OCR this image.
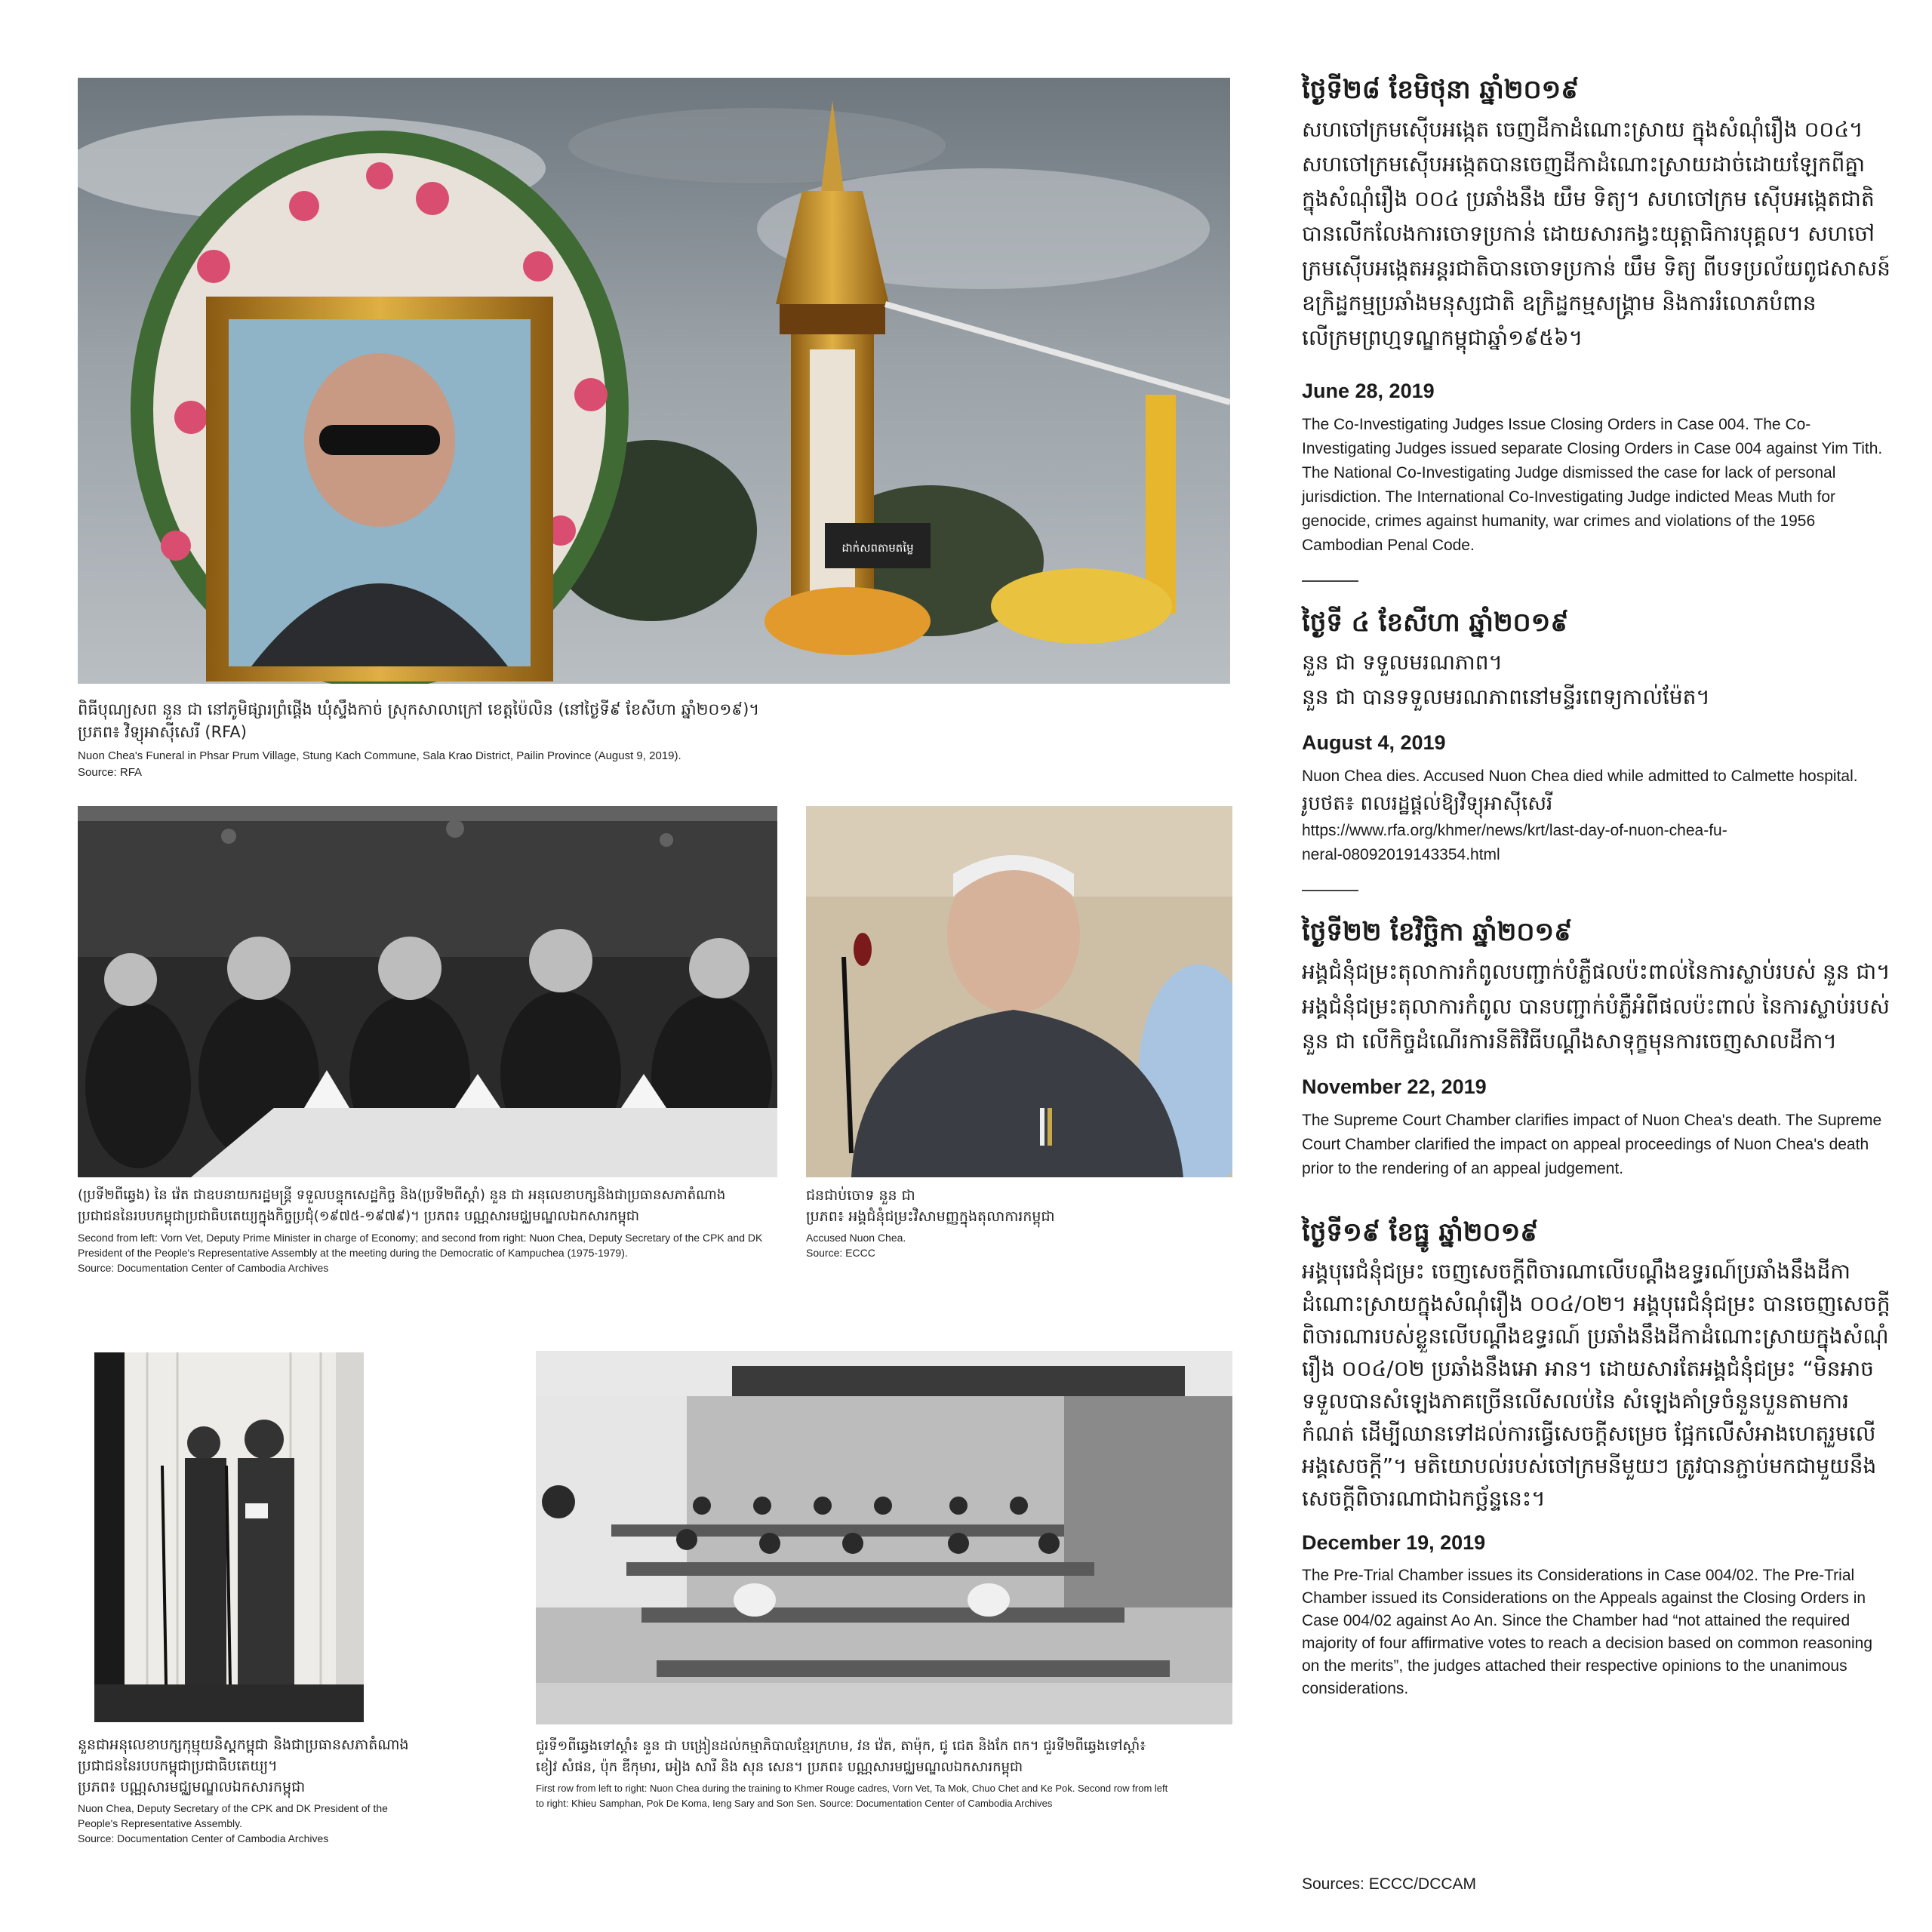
ដាក់សពតាមតម្លៃ
ពិធីបុណ្យសព នួន ជា នៅភូមិផ្សារព្រំផ្ដើង ឃុំស្ទឹងកាច់ ស្រុកសាលាក្រៅ ខេត្តប៉ៃលិន (នៅថ្ងៃទី៩ ខែសីហា ឆ្នាំ២០១៩)។
ប្រភព៖ វិទ្យុអាស៊ីសេរី (RFA)
Nuon Chea's Funeral in Phsar Prum Village, Stung Kach Commune, Sala Krao District, Pailin Province (August 9, 2019).
Source: RFA
(ប្រទី២ពីឆ្វេង) នៃ វ៉េត ជាឧបនាយករដ្ឋមន្ត្រី ទទួលបន្ទុកសេដ្ឋកិច្ច និង(ប្រទី២ពីស្ដាំ) នួន ជា អនុលេខាបក្សនិងជាប្រធានសភាតំណាង
ប្រជាជននៃរបបកម្ពុជាប្រជាធិបតេយ្យក្នុងកិច្ចប្រជុំ(១៩៧៥-១៩៧៩)។ ប្រភព៖ បណ្ណសារមជ្ឈមណ្ឌលឯកសារកម្ពុជា
Second from left: Vorn Vet, Deputy Prime Minister in charge of Economy; and second from right: Nuon Chea, Deputy Secretary of the CPK and DK
President of the People's Representative Assembly at the meeting during the Democratic of Kampuchea (1975-1979).
Source: Documentation Center of Cambodia Archives
ជនជាប់ចោទ នួន ជា
ប្រភព៖ អង្គជំនុំជម្រះវិសាមញ្ញក្នុងតុលាការកម្ពុជា
Accused Nuon Chea.
Source: ECCC
នួនជាអនុលេខាបក្សកុម្មុយនិស្តកម្ពុជា និងជាប្រធានសភាតំណាង
ប្រជាជននៃរបបកម្ពុជាប្រជាធិបតេយ្យ។
ប្រភព៖ បណ្ណសារមជ្ឈមណ្ឌលឯកសារកម្ពុជា
Nuon Chea, Deputy Secretary of the CPK and DK President of the
People's Representative Assembly.
Source: Documentation Center of Cambodia Archives
ជួរទី១ពីឆ្វេងទៅស្ដាំ៖ នួន ជា បង្រៀនដល់កម្មាភិបាលខ្មែរក្រហម, វន វ៉េត, តាម៉ុក, ជូ ជេត និងកែ ពក។ ជួរទី២ពីឆ្វេងទៅស្ដាំ៖
ខៀវ សំផន, ប៉ុក ឌីកុមារ, អៀង សារី និង សុន សេន។ ប្រភព៖ បណ្ណសារមជ្ឈមណ្ឌលឯកសារកម្ពុជា
First row from left to right: Nuon Chea during the training to Khmer Rouge cadres, Vorn Vet, Ta Mok, Chuo Chet and Ke Pok. Second row from left
to right: Khieu Samphan, Pok De Koma, Ieng Sary and Son Sen. Source: Documentation Center of Cambodia Archives
ថ្ងៃទី២៨ ខែមិថុនា ឆ្នាំ២០១៩
សហចៅក្រមស៊ើបអង្កេត ចេញដីកាដំណោះស្រាយ ក្នុងសំណុំរឿង ០០៤។ សហចៅក្រមស៊ើបអង្កេតបានចេញដីកាដំណោះស្រាយដាច់ដោយឡែកពីគ្នាក្នុងសំណុំរឿង ០០៤ ប្រឆាំងនឹង យឹម ទិត្យ។ សហចៅក្រម ស៊ើបអង្កេតជាតិ បានលើកលែងការចោទប្រកាន់ ដោយសារកង្វះយុត្តាធិការបុគ្គល។ សហចៅក្រមស៊ើបអង្កេតអន្តរជាតិបានចោទប្រកាន់ យឹម ទិត្យ ពីបទប្រល័យពូជសាសន៍ ឧក្រិដ្ឋកម្មប្រឆាំងមនុស្សជាតិ ឧក្រិដ្ឋកម្មសង្គ្រាម និងការរំលោភបំពានលើក្រមព្រហ្មទណ្ឌកម្ពុជាឆ្នាំ១៩៥៦។
June 28, 2019
The Co-Investigating Judges Issue Closing Orders in Case 004. The Co-Investigating Judges issued separate Closing Orders in Case 004 against Yim Tith. The National Co-Investigating Judge dismissed the case for lack of personal jurisdiction. The International Co-Investigating Judge indicted Meas Muth for genocide, crimes against humanity, war crimes and violations of the 1956 Cambodian Penal Code.
ថ្ងៃទី ៤ ខែសីហា ឆ្នាំ២០១៩
នួន ជា ទទួលមរណភាព។
នួន ជា បានទទួលមរណភាពនៅមន្ទីរពេទ្យកាល់ម៉ែត។
August 4, 2019
Nuon Chea dies. Accused Nuon Chea died while admitted to Calmette hospital.
រូបថត៖ ពលរដ្ឋផ្ដល់ឱ្យវិទ្យុអាស៊ីសេរី
https://www.rfa.org/khmer/news/krt/last-day-of-nuon-chea-fu-
neral-08092019143354.html
ថ្ងៃទី២២ ខែវិច្ឆិកា ឆ្នាំ២០១៩
អង្គជំនុំជម្រះតុលាការកំពូលបញ្ជាក់បំភ្លឺផលប៉ះពាល់នៃការស្លាប់របស់ នួន ជា។ អង្គជំនុំជម្រះតុលាការកំពូល បានបញ្ជាក់បំភ្លឺអំពីផលប៉ះពាល់ នៃការស្លាប់របស់ នួន ជា លើកិច្ចដំណើរការនីតិវិធីបណ្ដឹងសាទុក្ខមុនការចេញសាលដីកា។
November 22, 2019
The Supreme Court Chamber clarifies impact of Nuon Chea's death. The Supreme Court Chamber clarified the impact on appeal proceedings of Nuon Chea's death prior to the rendering of an appeal judgement.
ថ្ងៃទី១៩ ខែធ្នូ ឆ្នាំ២០១៩
អង្គបុរេជំនុំជម្រះ ចេញសេចក្ដីពិចារណាលើបណ្ដឹងឧទ្ធរណ៍ប្រឆាំងនឹងដីកាដំណោះស្រាយក្នុងសំណុំរឿង ០០៤/០២។ អង្គបុរេជំនុំជម្រះ បានចេញសេចក្ដីពិចារណារបស់ខ្លួនលើបណ្ដឹងឧទ្ធរណ៍ ប្រឆាំងនឹងដីកាដំណោះស្រាយក្នុងសំណុំរឿង ០០៤/០២ ប្រឆាំងនឹងអោ អាន។ ដោយសារតែអង្គជំនុំជម្រះ “មិនអាចទទួលបានសំឡេងភាគច្រើនលើសលប់នៃ សំឡេងគាំទ្រចំនួនបួនតាមការកំណត់ ដើម្បីឈានទៅដល់ការធ្វើសេចក្ដីសម្រេច ផ្អែកលើសំអាងហេតុរួមលើអង្គសេចក្ដី”។ មតិយោបល់របស់ចៅក្រមនីមួយៗ ត្រូវបានភ្ជាប់មកជាមួយនឹងសេចក្ដីពិចារណាជាឯកច្ឆ័ន្ទនេះ។
December 19, 2019
The Pre-Trial Chamber issues its Considerations in Case 004/02. The Pre-Trial Chamber issued its Considerations on the Appeals against the Closing Orders in Case 004/02 against Ao An. Since the Chamber had “not attained the required majority of four affirmative votes to reach a decision based on common reasoning on the merits”, the judges attached their respective opinions to the unanimous considerations.
Sources: ECCC/DCCAM
